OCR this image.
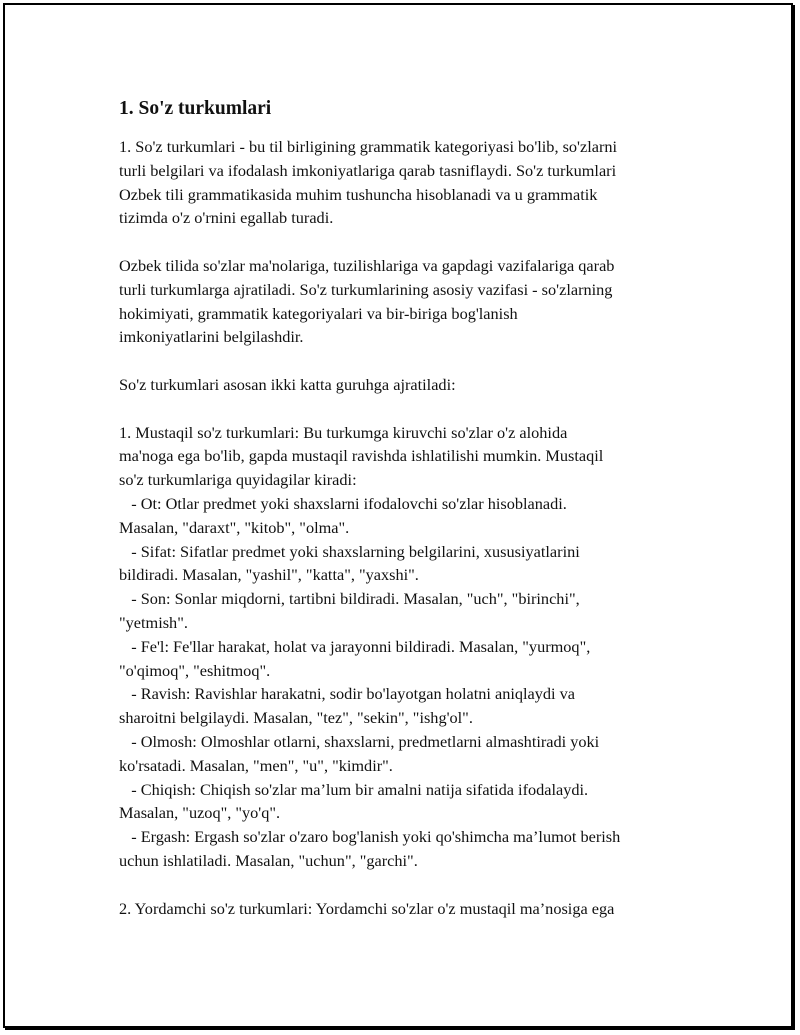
1. So'z turkumlari
1. So'z turkumlari - bu til birligining grammatik kategoriyasi bo'lib, so'zlarni
turli belgilari va ifodalash imkoniyatlariga qarab tasniflaydi. So'z turkumlari
Ozbek tili grammatikasida muhim tushuncha hisoblanadi va u grammatik
tizimda o'z o'rnini egallab turadi.
Ozbek tilida so'zlar ma'nolariga, tuzilishlariga va gapdagi vazifalariga qarab
turli turkumlarga ajratiladi. So'z turkumlarining asosiy vazifasi - so'zlarning
hokimiyati, grammatik kategoriyalari va bir-biriga bog'lanish
imkoniyatlarini belgilashdir.
So'z turkumlari asosan ikki katta guruhga ajratiladi:
1. Mustaqil so'z turkumlari: Bu turkumga kiruvchi so'zlar o'z alohida
ma'noga ega bo'lib, gapda mustaqil ravishda ishlatilishi mumkin. Mustaqil
so'z turkumlariga quyidagilar kiradi:
- Ot: Otlar predmet yoki shaxslarni ifodalovchi so'zlar hisoblanadi.
Masalan, "daraxt", "kitob", "olma".
- Sifat: Sifatlar predmet yoki shaxslarning belgilarini, xususiyatlarini
bildiradi. Masalan, "yashil", "katta", "yaxshi".
- Son: Sonlar miqdorni, tartibni bildiradi. Masalan, "uch", "birinchi",
"yetmish".
- Fe'l: Fe'llar harakat, holat va jarayonni bildiradi. Masalan, "yurmoq",
"o'qimoq", "eshitmoq".
- Ravish: Ravishlar harakatni, sodir bo'layotgan holatni aniqlaydi va
sharoitni belgilaydi. Masalan, "tez", "sekin", "ishg'ol".
- Olmosh: Olmoshlar otlarni, shaxslarni, predmetlarni almashtiradi yoki
ko'rsatadi. Masalan, "men", "u", "kimdir".
- Chiqish: Chiqish so'zlar ma’lum bir amalni natija sifatida ifodalaydi.
Masalan, "uzoq", "yo'q".
- Ergash: Ergash so'zlar o'zaro bog'lanish yoki qo'shimcha ma’lumot berish
uchun ishlatiladi. Masalan, "uchun", "garchi".
2. Yordamchi so'z turkumlari: Yordamchi so'zlar o'z mustaqil ma’nosiga ega
